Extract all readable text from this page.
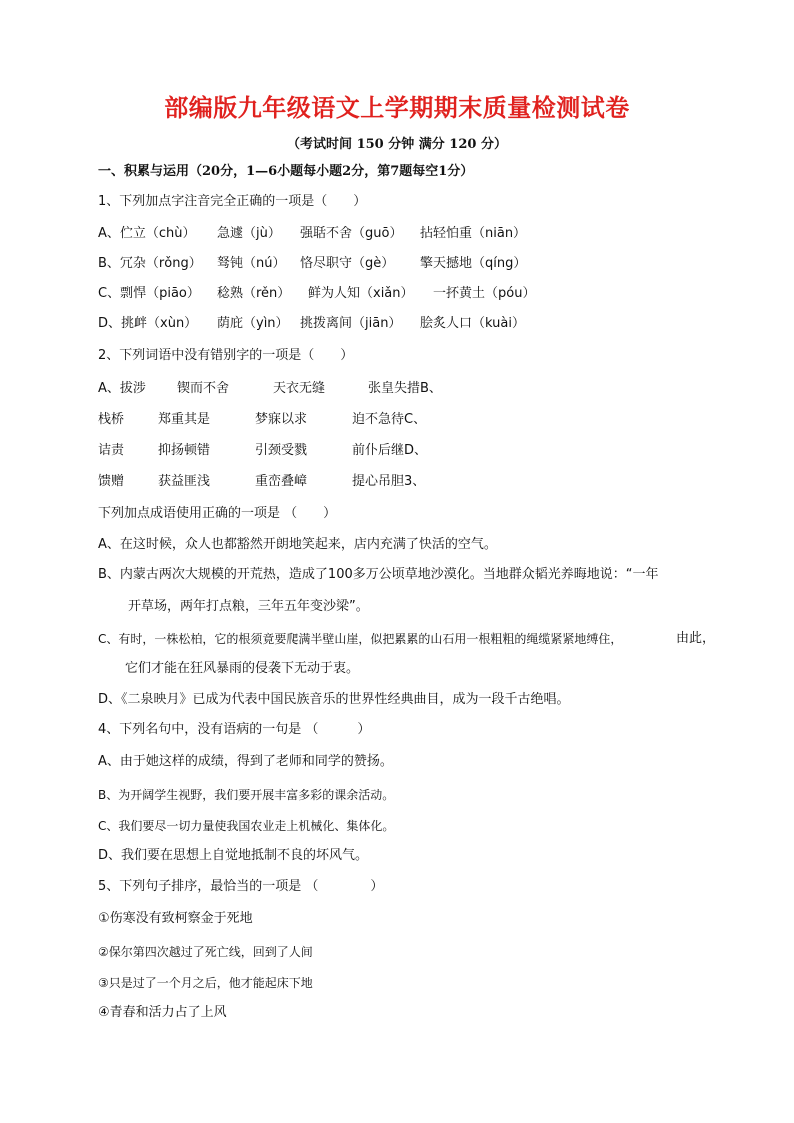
部编版九年级语文上学期期末质量检测试卷
（考试时间 150 分钟 满分 120 分）
一、积累与运用（20分，1—6小题每小题2分，第7题每空1分）
1、下列加点字注音完全正确的一项是（　　）
A、伫立（chù） 急遽（jù） 强聒不舍（guō） 拈轻怕重（niān）
B、冗杂（rǒng） 驽钝（nú） 恪尽职守（gè） 擎天撼地（qíng）
C、剽悍（piāo） 稔熟（rěn） 鲜为人知（xiǎn） 一抔黄土（póu）
D、挑衅（xùn） 荫庇（yìn） 挑拨离间（jiān） 脍炙人口（kuài）
2、下列词语中没有错别字的一项是（　　）
A、拔涉 锲而不舍	天衣无缝	张皇失措B、
栈桥	郑重其是	梦寐以求	迫不急待C、
诘责	抑扬顿错	引颈受戮	前仆后继D、
馈赠	获益匪浅	重峦叠嶂	提心吊胆3、
下列加点成语使用正确的一项是 （　　）
A、在这时候，众人也都豁然开朗地笑起来，店内充满了快活的空气。
B、内蒙古两次大规模的开荒热，造成了100多万公顷草地沙漠化。当地群众韬光养晦地说：“一年
开草场，两年打点粮，三年五年变沙梁”。
C、有时，一株松柏，它的根须竟要爬满半壁山崖，似把累累的山石用一根粗粗的绳缆紧紧地缚住，	由此，
它们才能在狂风暴雨的侵袭下无动于衷。
D、《二泉映月》已成为代表中国民族音乐的世界性经典曲目，成为一段千古绝唱。
4、下列名句中，没有语病的一句是 （　　　）
A、由于她这样的成绩，得到了老师和同学的赞扬。
B、为开阔学生视野，我们要开展丰富多彩的课余活动。
C、我们要尽一切力量使我国农业走上机械化、集体化。
D、我们要在思想上自觉地抵制不良的坏风气。
5、下列句子排序，最恰当的一项是 （　　　　）
①伤寒没有致柯察金于死地
②保尔第四次越过了死亡线，回到了人间
③只是过了一个月之后，他才能起床下地
④青春和活力占了上风
